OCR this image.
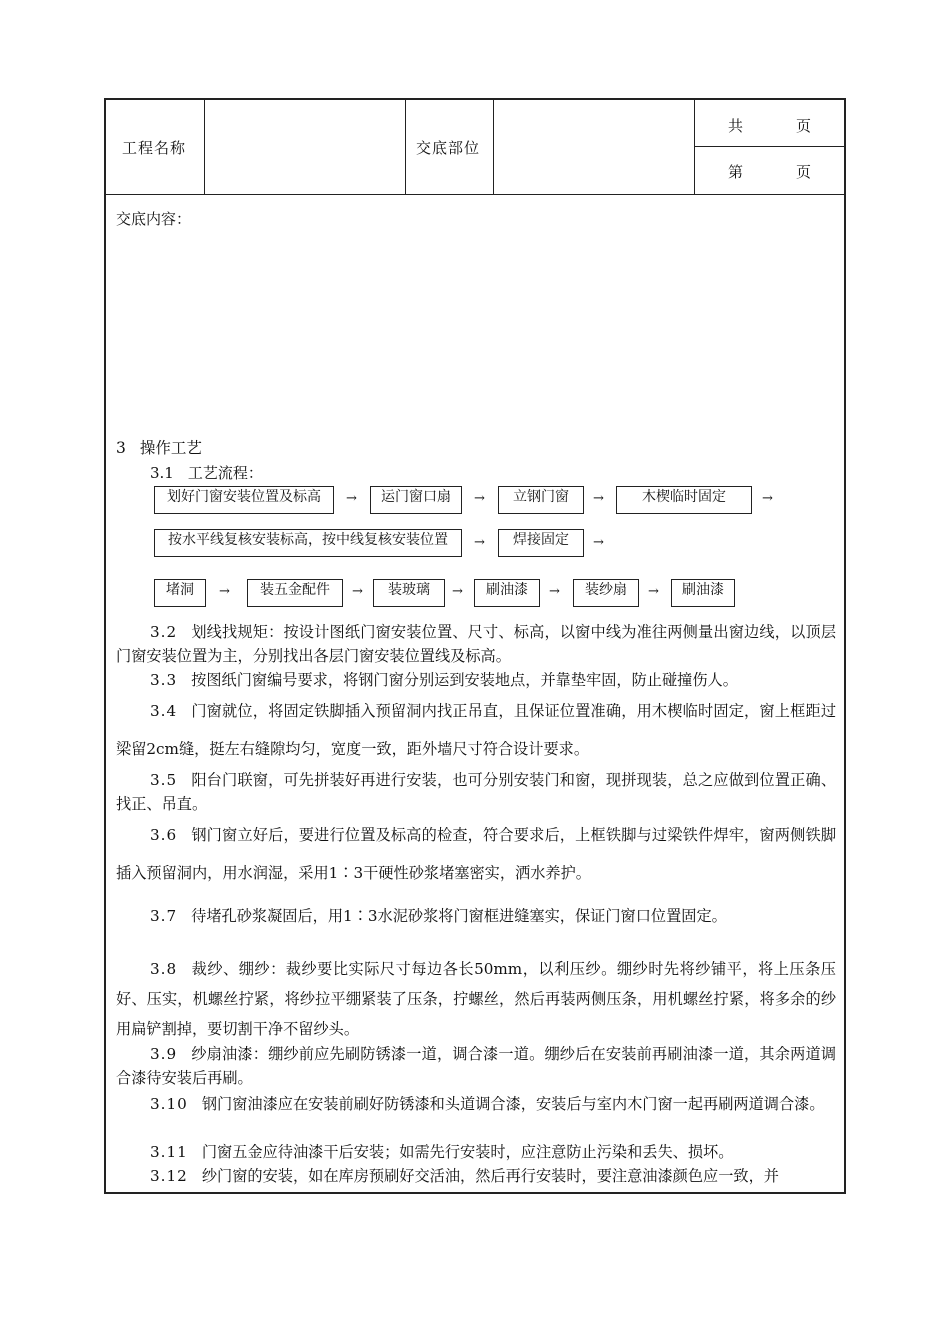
工程名称	交底部位
共	页
第	页
交底内容：
3 操作工艺
3.1 工艺流程：
划好门窗安装位置及标高	→	运门窗口扇	→	立钢门窗	→	木楔临时固定	→
按水平线复核安装标高，按中线复核安装位置	→	焊接固定	→
堵洞	→	装五金配件	→	装玻璃	→	刷油漆	→	装纱扇	→	刷油漆

3.2 划线找规矩：按设计图纸门窗安装位置、尺寸、标高，以窗中线为准往两侧量出窗边线，以顶层门窗安装位置为主，分别找出各层门窗安装位置线及标高。

3.3 按图纸门窗编号要求，将钢门窗分别运到安装地点，并靠垫牢固，防止碰撞伤人。

3.4 门窗就位，将固定铁脚插入预留洞内找正吊直，且保证位置准确，用木楔临时固定，窗上框距过梁留2cm缝，挺左右缝隙均匀，宽度一致，距外墙尺寸符合设计要求。

3.5 阳台门联窗，可先拼装好再进行安装，也可分别安装门和窗，现拼现装，总之应做到位置正确、找正、吊直。

3.6 钢门窗立好后，要进行位置及标高的检查，符合要求后，上框铁脚与过梁铁件焊牢，窗两侧铁脚插入预留洞内，用水润湿，采用1∶3干硬性砂浆堵塞密实，洒水养护。

3.7 待堵孔砂浆凝固后，用1∶3水泥砂浆将门窗框进缝塞实，保证门窗口位置固定。

3.8 裁纱、绷纱：裁纱要比实际尺寸每边各长50mm，以利压纱。绷纱时先将纱铺平，将上压条压好、压实，机螺丝拧紧，将纱拉平绷紧装了压条，拧螺丝，然后再装两侧压条，用机螺丝拧紧，将多余的纱用扁铲割掉，要切割干净不留纱头。

3.9 纱扇油漆：绷纱前应先刷防锈漆一道，调合漆一道。绷纱后在安装前再刷油漆一道，其余两道调合漆待安装后再刷。

3.10 钢门窗油漆应在安装前刷好防锈漆和头道调合漆，安装后与室内木门窗一起再刷两道调合漆。

3.11 门窗五金应待油漆干后安装；如需先行安装时，应注意防止污染和丢失、损坏。

3.12 纱门窗的安装，如在库房预刷好交活油，然后再行安装时，要注意油漆颜色应一致，并
